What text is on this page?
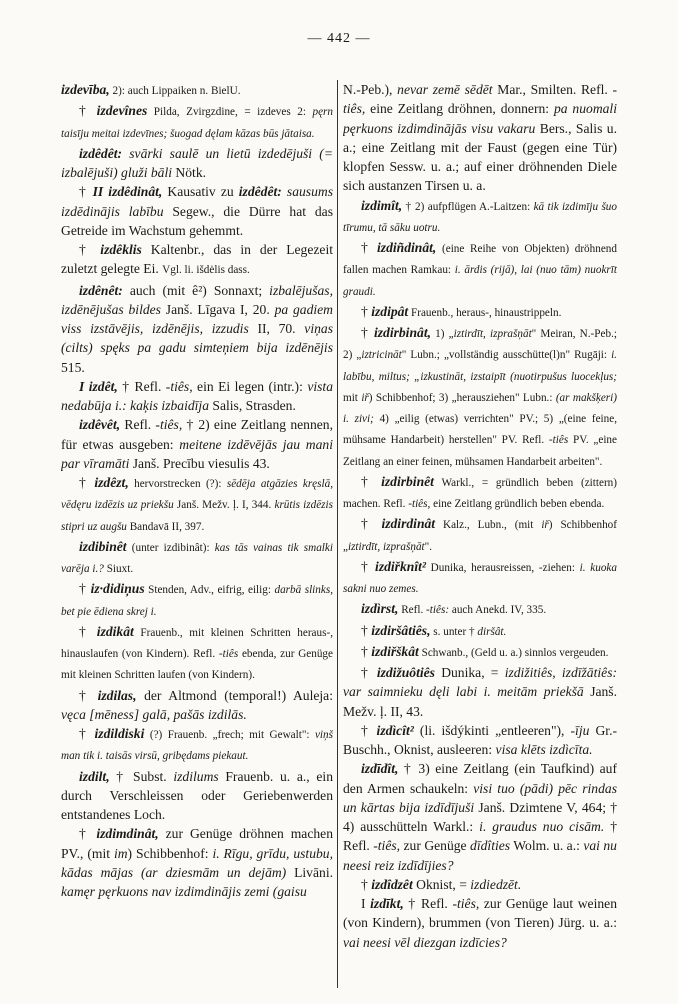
— 442 —

izdevība, 2): auch Lippaiken n. BielU.

† izdevînes Pilda, Zvirgzdine, = izdeves 2: pęrn taisīju meitai izdevīnes; šuogad dęlam kāzas būs jātaisa.

izdêdêt: svārki saulē un lietū izdedējuši (= izbalējuši) gluži bāli Nötk.

† II izdêdinât, Kausativ zu izdêdêt: sausums izdēdinājis labību Segew., die Dürre hat das Getreide im Wachstum gehemmt.

† izdêklis Kaltenbr., das in der Legezeit zuletzt gelegte Ei. Vgl. li. išdėlis dass.

izdênêt: auch (mit ê²) Sonnaxt; izbalējušas, izdēnējušas bildes Janš. Līgava I, 20. pa gadiem viss izstāvējis, izdēnējis, izzudis II, 70. viņas (cilts) spęks pa gadu simteņiem bija izdēnējis 515.

I izdêt, † Refl. -tiês, ein Ei legen (intr.): vista nedabūja i.: kaķis izbaidīja Salis, Strasden.

izdêvêt, Refl. -tiês, † 2) eine Zeitlang nennen, für etwas ausgeben: meitene izdēvējās jau mani par vīramāti Janš. Precību viesulis 43.

† izdêzt, hervorstrecken (?): sēdēja atgāzies kręslā, vēdęru izdēzis uz priekšu Janš. Mežv. ļ. I, 344. krūtis izdēzis stipri uz augšu Bandavā II, 397.

izdibinêt (unter izdibinât): kas tās vainas tik smalki varēja i.? Siuxt.

† iz·didiņus Stenden, Adv., eifrig, eilig: darbā slinks, bet pie ēdiena skrej i.

† izdikât Frauenb., mit kleinen Schritten heraus-, hinauslaufen (von Kindern). Refl. -tiês ebenda, zur Genüge mit kleinen Schritten laufen (von Kindern).

† izdilas, der Altmond (temporal!) Auleja: vęca [mēness] galā, pašās izdilās.

† izdildiski (?) Frauenb. „frech; mit Gewalt": viņš man tik i. taisās virsū, gribędams piekaut.

izdilt, † Subst. izdilums Frauenb. u. a., ein durch Verschleissen oder Geriebenwerden entstandenes Loch.

† izdimdinât, zur Genüge dröhnen machen PV., (mit im) Schibbenhof: i. Rīgu, grīdu, ustubu, kādas mājas (ar dziesmām un dejām) Livāni. kamęr pęrkuons nav izdimdinājis zemi (gaisu

N.-Peb.), nevar zemē sēdēt Mar., Smilten. Refl. -tiês, eine Zeitlang dröhnen, donnern: pa nuomali pęrkuons izdimdinājās visu vakaru Bers., Salis u. a.; eine Zeitlang mit der Faust (gegen eine Tür) klopfen Sessw. u. a.; auf einer dröhnenden Diele sich austanzen Tirsen u. a.

izdimît, † 2) aufpflügen A.-Laitzen: kā tik izdimīju šuo tīrumu, tā sāku uotru.

† izdiñdinât, (eine Reihe von Objekten) dröhnend fallen machen Ramkau: i. ārdis (rijā), lai (nuo tām) nuokrīt graudi.

† izdipât Frauenb., heraus-, hinaustrippeln.

† izdirbinât, 1) „iztirdīt, izprašņāt" Meiran, N.-Peb.; 2) „iztricināt" Lubn.; „vollständig ausschütte(l)n" Rugāji: i. labību, miltus; „izkustināt, izstaipīt (nuotirpušus luocekļus; mit iř) Schibbenhof; 3) „herausziehen" Lubn.: (ar makšķeri) i. zivi; 4) „eilig (etwas) verrichten" PV.; 5) „(eine feine, mühsame Handarbeit) herstellen" PV. Refl. -tiês PV. „eine Zeitlang an einer feinen, mühsamen Handarbeit arbeiten".

† izdirbinêt Warkl., = gründlich beben (zittern) machen. Refl. -tiês, eine Zeitlang gründlich beben ebenda.

† izdirdinât Kalz., Lubn., (mit iř) Schibbenhof „iztirdīt, izprašņāt".

† izdiřknît² Dunika, herausreissen, -ziehen: i. kuoka sakni nuo zemes.

izdìrst, Refl. -tiês: auch Anekd. IV, 335.

† izdiršâtiês, s. unter † diršât.

† izdiřškât Schwanb., (Geld u. a.) sinnlos vergeuden.

† izdižuôtiês Dunika, = izdižitiês, izdīžātiês: var saimnieku dęli labi i. meitām priekšā Janš. Mežv. ļ. II, 43.

† izdìcît² (li. išdýkinti „entleeren"), -īju Gr.-Buschh., Oknist, ausleeren: visa klēts izdìcīta.

izdīdît, † 3) eine Zeitlang (ein Taufkind) auf den Armen schaukeln: visi tuo (pādi) pēc rindas un kārtas bija izdīdījuši Janš. Dzimtene V, 464; † 4) ausschütteln Warkl.: i. graudus nuo cisām. † Refl. -tiês, zur Genüge dīdîties Wolm. u. a.: vai nu neesi reiz izdīdījies?

† izdîdzêt Oknist, = izdiedzēt.

I izdīkt, † Refl. -tiês, zur Genüge laut weinen (von Kindern), brummen (von Tieren) Jürg. u. a.: vai neesi vēl diezgan izdīcies?
